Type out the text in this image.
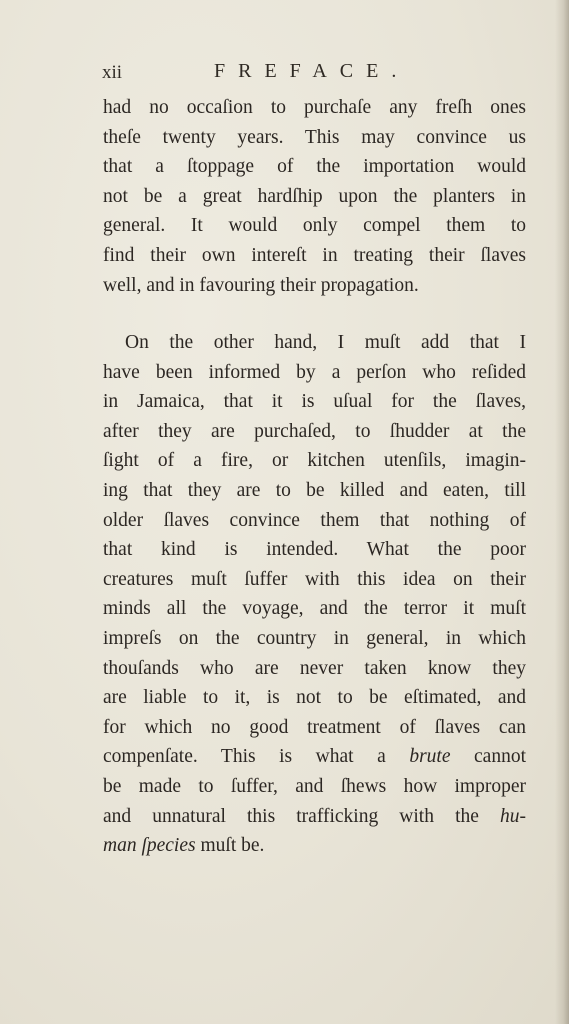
xii	FREFACE.
had no occaſion to purchaſe any freſh ones
theſe twenty years. This may convince us
that a ſtoppage of the importation would
not be a great hardſhip upon the planters in
general. It would only compel them to
find their own intereſt in treating their ſlaves
well, and in favouring their propagation.
On the other hand, I muſt add that I
have been informed by a perſon who reſided
in Jamaica, that it is uſual for the ſlaves,
after they are purchaſed, to ſhudder at the
ſight of a fire, or kitchen utenſils, imagin-
ing that they are to be killed and eaten, till
older ſlaves convince them that nothing of
that kind is intended. What the poor
creatures muſt ſuffer with this idea on their
minds all the voyage, and the terror it muſt
impreſs on the country in general, in which
thouſands who are never taken know they
are liable to it, is not to be eſtimated, and
for which no good treatment of ſlaves can
compenſate. This is what a brute cannot
be made to ſuffer, and ſhews how improper
and unnatural this trafficking with the hu-
man ſpecies muſt be.
